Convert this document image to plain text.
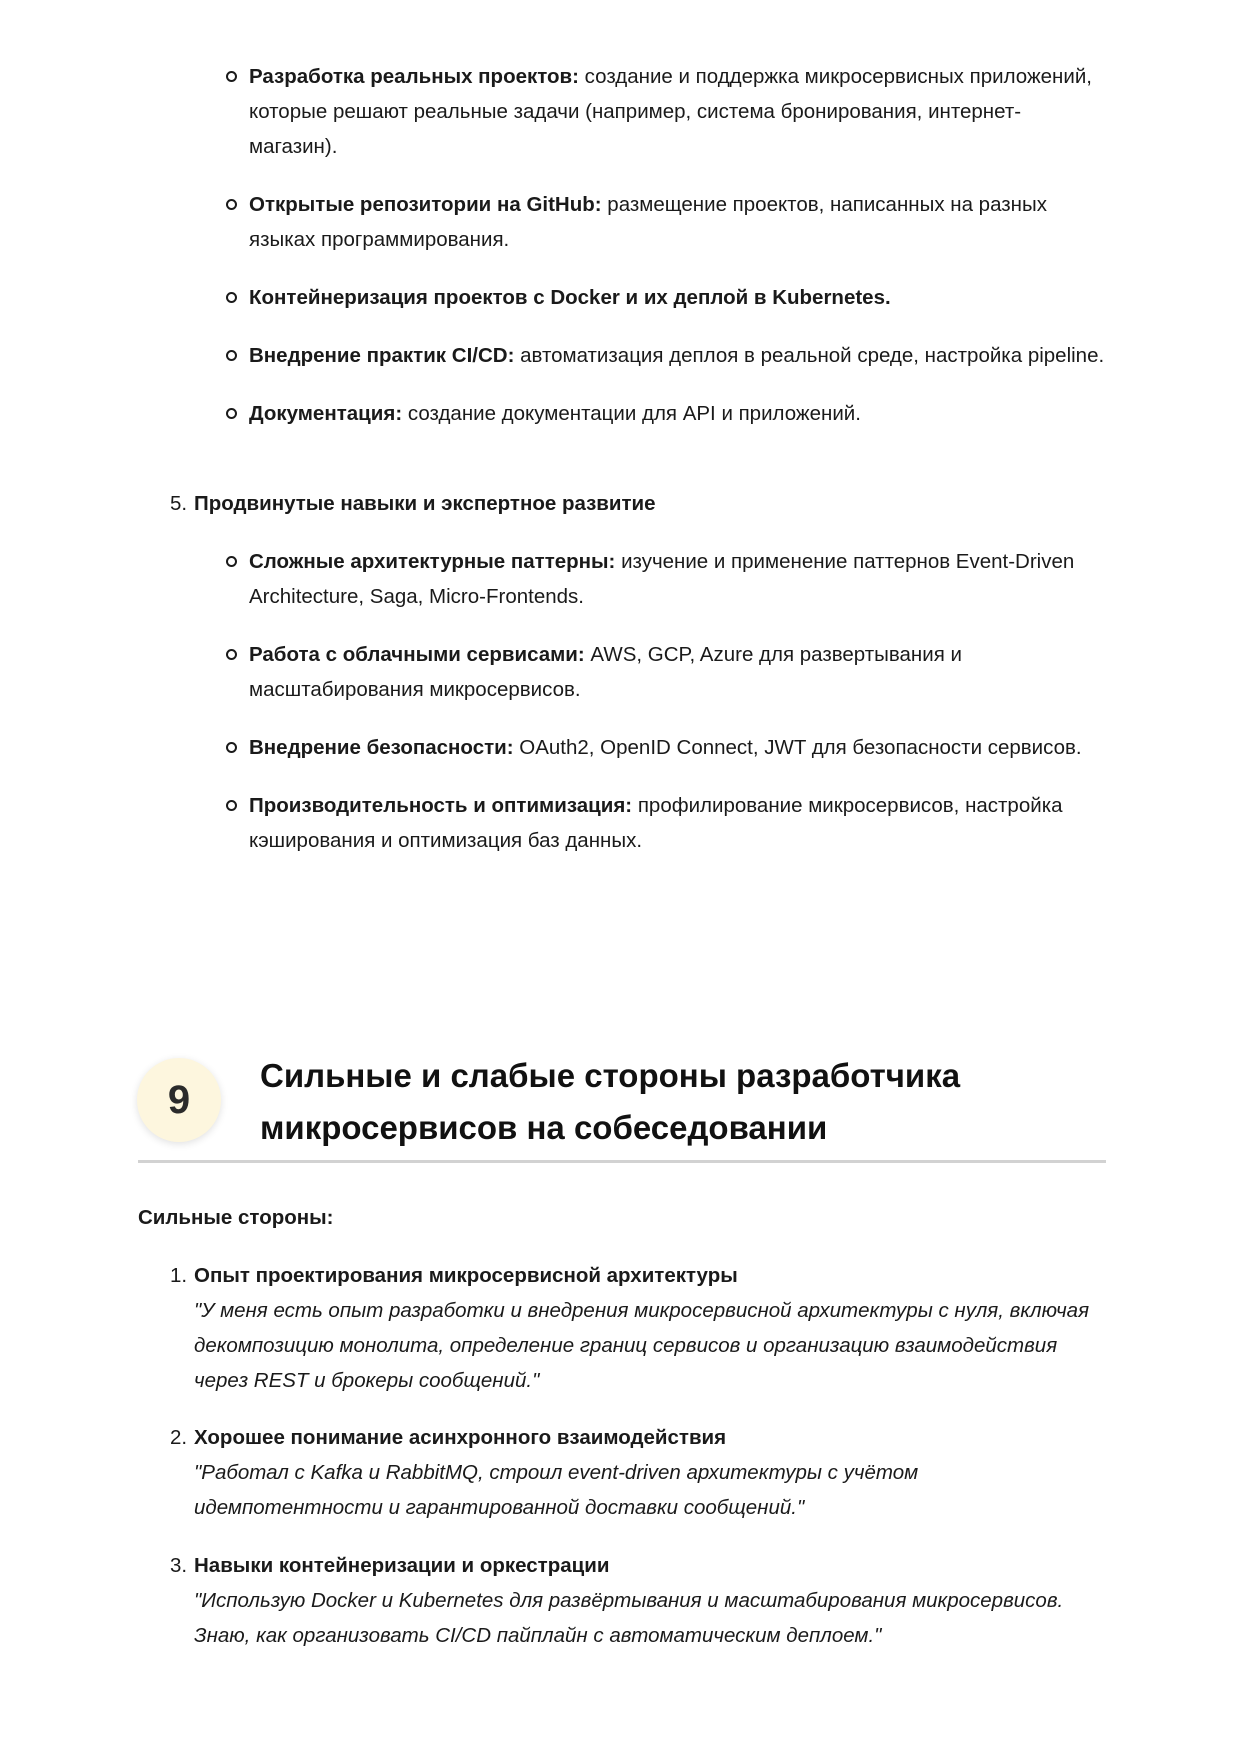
Разработка реальных проектов: создание и поддержка микросервисных приложений, которые решают реальные задачи (например, система бронирования, интернет-магазин).
Открытые репозитории на GitHub: размещение проектов, написанных на разных языках программирования.
Контейнеризация проектов с Docker и их деплой в Kubernetes.
Внедрение практик CI/CD: автоматизация деплоя в реальной среде, настройка pipeline.
Документация: создание документации для API и приложений.
5. Продвинутые навыки и экспертное развитие
Сложные архитектурные паттерны: изучение и применение паттернов Event-Driven Architecture, Saga, Micro-Frontends.
Работа с облачными сервисами: AWS, GCP, Azure для развертывания и масштабирования микросервисов.
Внедрение безопасности: OAuth2, OpenID Connect, JWT для безопасности сервисов.
Производительность и оптимизация: профилирование микросервисов, настройка кэширования и оптимизация баз данных.
9
Сильные и слабые стороны разработчика микросервисов на собеседовании
Сильные стороны:
1. Опыт проектирования микросервисной архитектуры
"У меня есть опыт разработки и внедрения микросервисной архитектуры с нуля, включая декомпозицию монолита, определение границ сервисов и организацию взаимодействия через REST и брокеры сообщений."
2. Хорошее понимание асинхронного взаимодействия
"Работал с Kafka и RabbitMQ, строил event-driven архитектуры с учётом идемпотентности и гарантированной доставки сообщений."
3. Навыки контейнеризации и оркестрации
"Использую Docker и Kubernetes для развёртывания и масштабирования микросервисов. Знаю, как организовать CI/CD пайплайн с автоматическим деплоем."
